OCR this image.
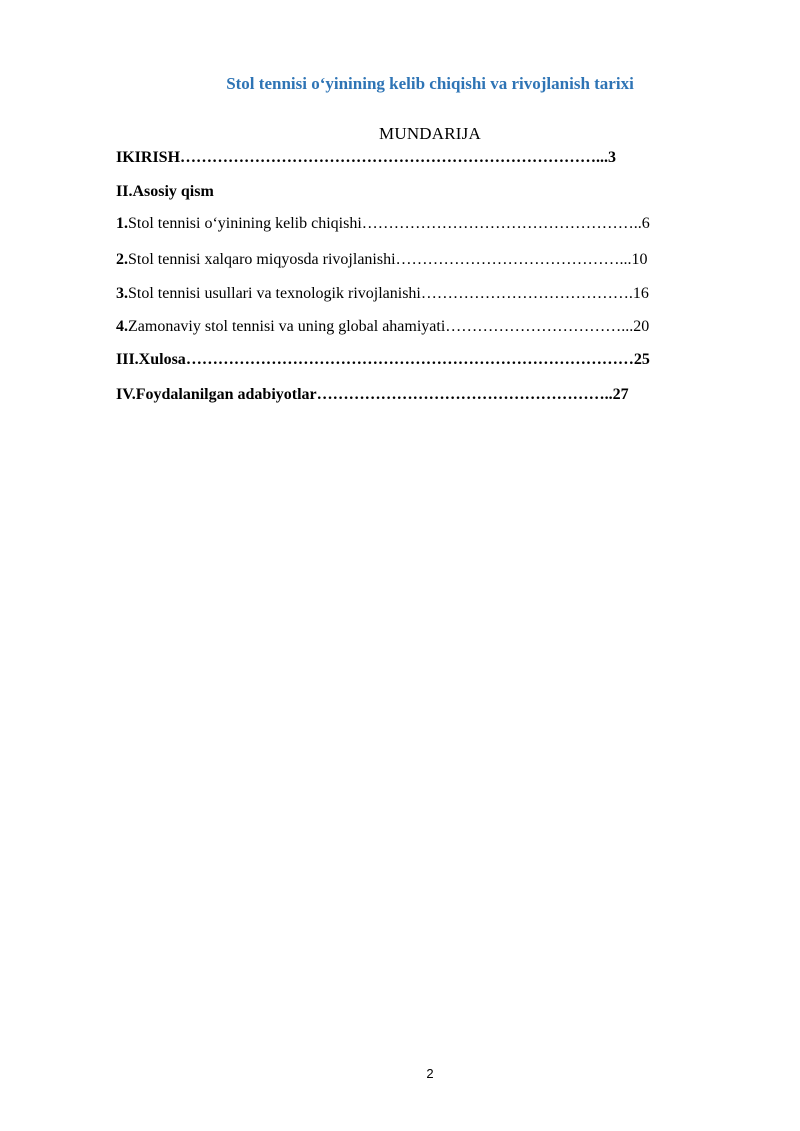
Stol tennisi o‘yinining kelib chiqishi va rivojlanish tarixi
MUNDARIJA
IKIRISH……………………………………………………………………...3
II.Asosiy qism
1.Stol tennisi o‘yinining kelib chiqishi……………………………………………..6
2.Stol tennisi xalqaro miqyosda rivojlanishi……………………………………...10
3.Stol tennisi usullari va texnologik rivojlanishi………………………………….16
4.Zamonaviy stol tennisi va uning global ahamiyati……………………………...20
III.Xulosa…………………………………………………………………………25
IV.Foydalanilgan adabiyotlar………………………………………………..27
2
